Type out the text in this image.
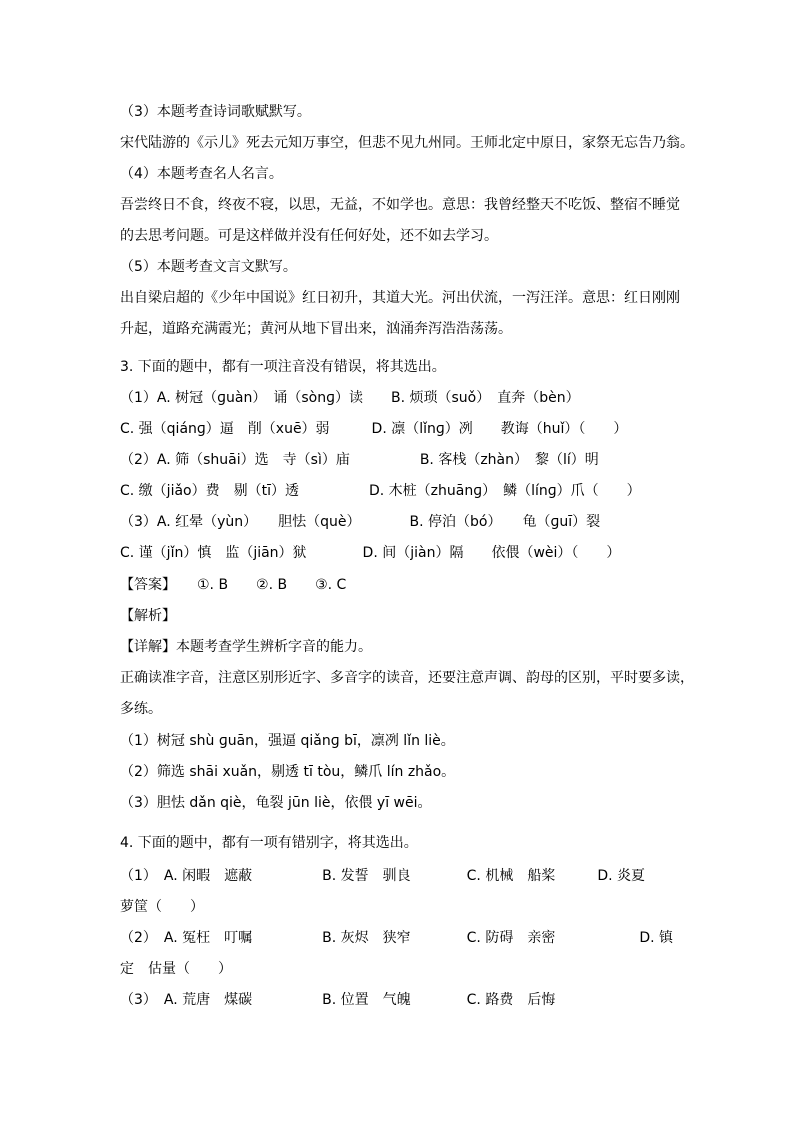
（3）本题考查诗词歌赋默写。
宋代陆游的《示儿》死去元知万事空，但悲不见九州同。王师北定中原日，家祭无忘告乃翁。
（4）本题考查名人名言。
吾尝终日不食，终夜不寝，以思，无益，不如学也。意思：我曾经整天不吃饭、整宿不睡觉
的去思考问题。可是这样做并没有任何好处，还不如去学习。
（5）本题考查文言文默写。
出自梁启超的《少年中国说》红日初升，其道大光。河出伏流，一泻汪洋。意思：红日刚刚
升起，道路充满霞光；黄河从地下冒出来，汹涌奔泻浩浩荡荡。
3. 下面的题中，都有一项注音没有错误，将其选出。
（1）A. 树冠（ɡuàn）　诵（sònɡ）读　　B. 烦琐（suǒ）　直奔（bèn）
C. 强（qiánɡ）逼　削（xuē）弱　　　D. 凛（lǐnɡ）冽　　教诲（huǐ）（　　）
（2）A. 筛（shuāi）选　寺（sì）庙　　　　　B. 客栈（zhàn）　黎（lí）明
C. 缴（jiǎo）费　剔（tī）透　　　　　D. 木桩（zhuānɡ）　鳞（línɡ）爪（　　）
（3）A. 红晕（yùn）　　胆怯（què）　　　　B. 停泊（bó）　　龟（ɡuī）裂
C. 谨（jǐn）慎　监（jiān）狱　　　　D. 间（jiàn）隔　　依偎（wèi）（　　）
【答案】　　①. B　　②. B　　③. C
【解析】
【详解】本题考查学生辨析字音的能力。
正确读准字音，注意区别形近字、多音字的读音，还要注意声调、韵母的区别，平时要多读，
多练。
（1）树冠 shù ɡuān，强逼 qiǎnɡ bī，凛冽 lǐn liè。
（2）筛选 shāi xuǎn，剔透 tī tòu，鳞爪 lín zhǎo。
（3）胆怯 dǎn qiè，龟裂 jūn liè，依偎 yī wēi。
4. 下面的题中，都有一项有错别字，将其选出。
（1）　A. 闲暇　遮蔽　　　　　B. 发誓　驯良　　　　C. 机械　船桨　　　D. 炎夏
萝筐（　　）
（2）　A. 冤枉　叮嘱　　　　　B. 灰烬　狭窄　　　　C. 防碍　亲密　　　　　　D. 镇
定　估量（　　）
（3）　A. 荒唐　煤碳　　　　　B. 位置　气魄　　　　C. 路费　后悔
